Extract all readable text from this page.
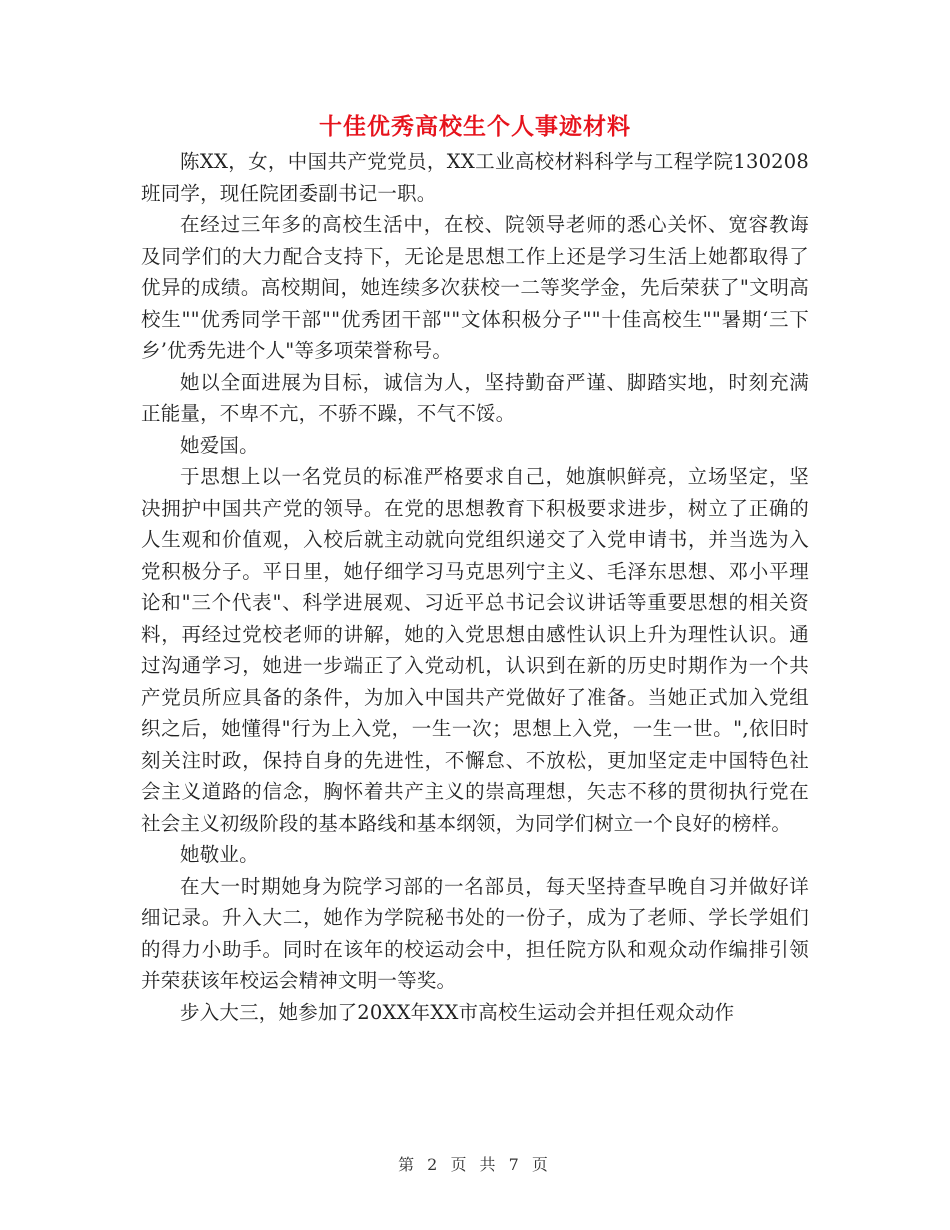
十佳优秀高校生个人事迹材料

陈XX，女，中国共产党党员，XX工业高校材料科学与工程学院130208班同学，现任院团委副书记一职。

在经过三年多的高校生活中，在校、院领导老师的悉心关怀、宽容教诲及同学们的大力配合支持下，无论是思想工作上还是学习生活上她都取得了优异的成绩。高校期间，她连续多次获校一二等奖学金，先后荣获了"文明高校生""优秀同学干部""优秀团干部""文体积极分子""十佳高校生""暑期‘三下乡’优秀先进个人"等多项荣誉称号。

她以全面进展为目标，诚信为人，坚持勤奋严谨、脚踏实地，时刻充满正能量，不卑不亢，不骄不躁，不气不馁。

她爱国。

于思想上以一名党员的标准严格要求自己，她旗帜鲜亮，立场坚定，坚决拥护中国共产党的领导。在党的思想教育下积极要求进步，树立了正确的人生观和价值观，入校后就主动就向党组织递交了入党申请书，并当选为入党积极分子。平日里，她仔细学习马克思列宁主义、毛泽东思想、邓小平理论和"三个代表"、科学进展观、习近平总书记会议讲话等重要思想的相关资料，再经过党校老师的讲解，她的入党思想由感性认识上升为理性认识。通过沟通学习，她进一步端正了入党动机，认识到在新的历史时期作为一个共产党员所应具备的条件，为加入中国共产党做好了准备。当她正式加入党组织之后，她懂得"行为上入党，一生一次；思想上入党，一生一世。",依旧时刻关注时政，保持自身的先进性，不懈怠、不放松，更加坚定走中国特色社会主义道路的信念，胸怀着共产主义的崇高理想，矢志不移的贯彻执行党在社会主义初级阶段的基本路线和基本纲领，为同学们树立一个良好的榜样。

她敬业。

在大一时期她身为院学习部的一名部员，每天坚持查早晚自习并做好详细记录。升入大二，她作为学院秘书处的一份子，成为了老师、学长学姐们的得力小助手。同时在该年的校运动会中，担任院方队和观众动作编排引领并荣获该年校运会精神文明一等奖。

步入大三，她参加了20XX年XX市高校生运动会并担任观众动作

第 2 页 共 7 页
